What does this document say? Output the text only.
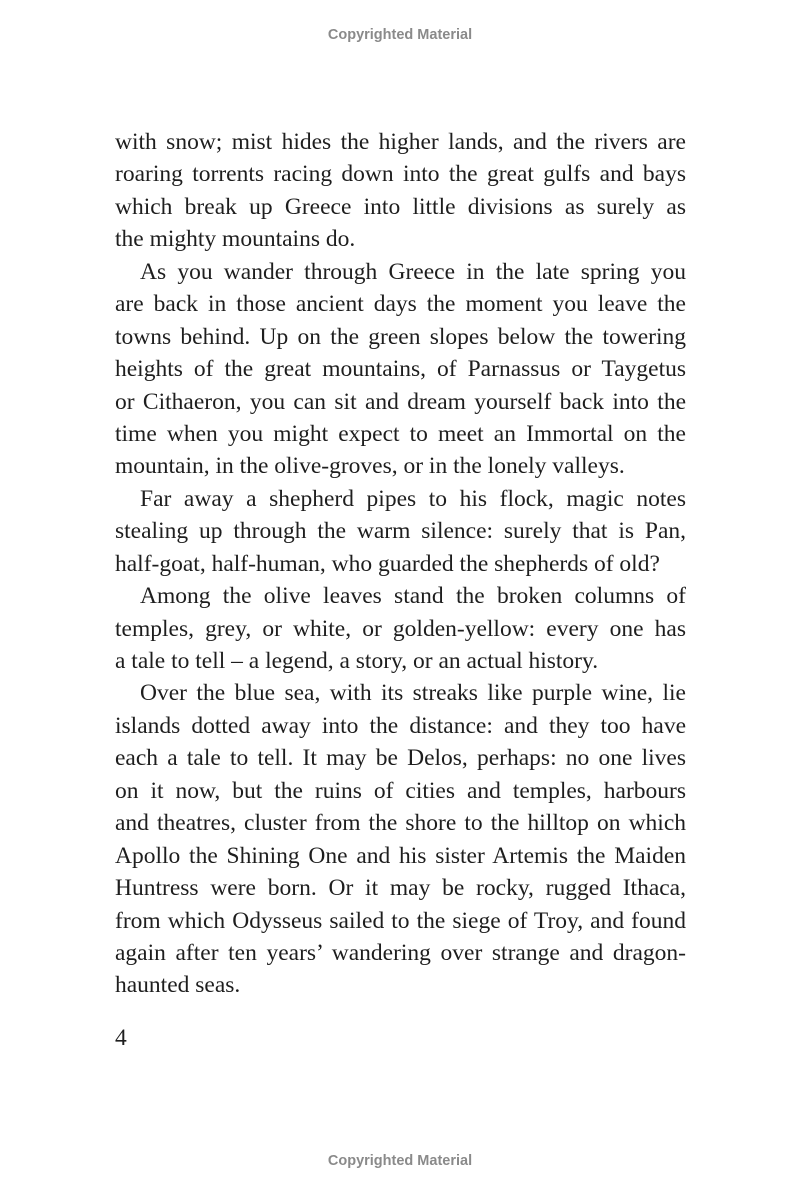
Copyrighted Material
with snow; mist hides the higher lands, and the rivers are
roaring torrents racing down into the great gulfs and bays
which break up Greece into little divisions as surely as
the mighty mountains do.
As you wander through Greece in the late spring you
are back in those ancient days the moment you leave the
towns behind. Up on the green slopes below the towering
heights of the great mountains, of Parnassus or Taygetus
or Cithaeron, you can sit and dream yourself back into the
time when you might expect to meet an Immortal on the
mountain, in the olive-groves, or in the lonely valleys.
Far away a shepherd pipes to his flock, magic notes
stealing up through the warm silence: surely that is Pan,
half-goat, half-human, who guarded the shepherds of old?
Among the olive leaves stand the broken columns of
temples, grey, or white, or golden-yellow: every one has
a tale to tell – a legend, a story, or an actual history.
Over the blue sea, with its streaks like purple wine, lie
islands dotted away into the distance: and they too have
each a tale to tell. It may be Delos, perhaps: no one lives
on it now, but the ruins of cities and temples, harbours
and theatres, cluster from the shore to the hilltop on which
Apollo the Shining One and his sister Artemis the Maiden
Huntress were born. Or it may be rocky, rugged Ithaca,
from which Odysseus sailed to the siege of Troy, and found
again after ten years’ wandering over strange and dragon-
haunted seas.
4
Copyrighted Material
